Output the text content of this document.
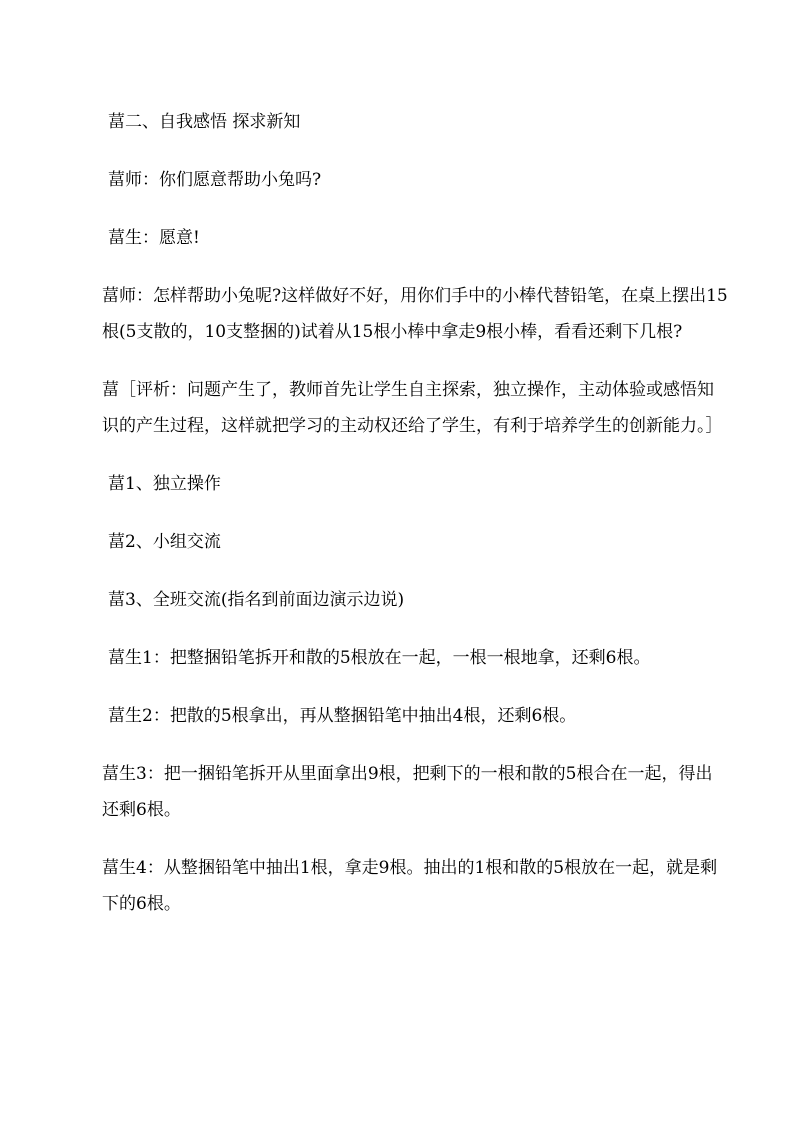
葍二、自我感悟 探求新知

葍师：你们愿意帮助小兔吗?

葍生：愿意!

葍师：怎样帮助小兔呢?这样做好不好，用你们手中的小棒代替铅笔，在桌上摆出15根(5支散的，10支整捆的)试着从15根小棒中拿走9根小棒，看看还剩下几根?

葍［评析：问题产生了，教师首先让学生自主探索，独立操作，主动体验或感悟知识的产生过程，这样就把学习的主动权还给了学生，有利于培养学生的创新能力。］

葍1、独立操作

葍2、小组交流

葍3、全班交流(指名到前面边演示边说)

葍生1：把整捆铅笔拆开和散的5根放在一起，一根一根地拿，还剩6根。

葍生2：把散的5根拿出，再从整捆铅笔中抽出4根，还剩6根。

葍生3：把一捆铅笔拆开从里面拿出9根，把剩下的一根和散的5根合在一起，得出还剩6根。

葍生4：从整捆铅笔中抽出1根，拿走9根。抽出的1根和散的5根放在一起，就是剩下的6根。
